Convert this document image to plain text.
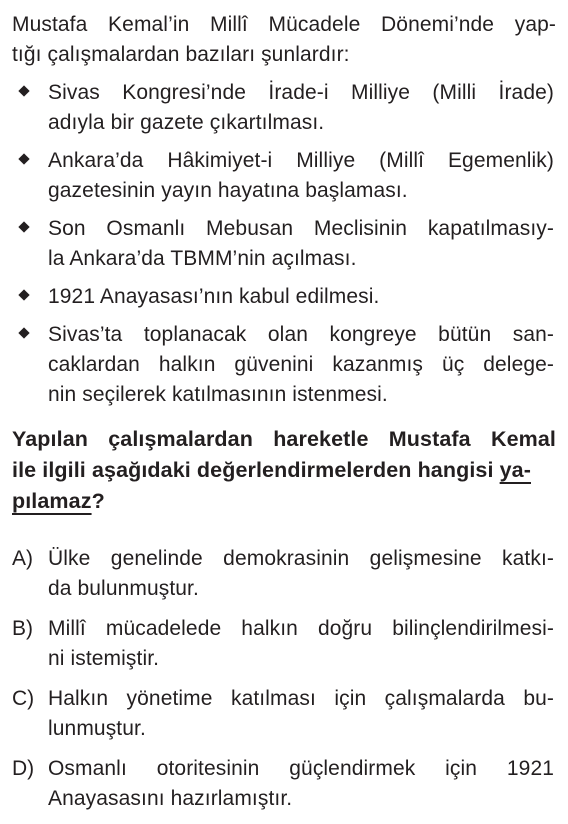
Mustafa Kemal’in Millî Mücadele Dönemi’nde yap-
tığı çalışmalardan bazıları şunlardır:
Sivas Kongresi’nde İrade-i Milliye (Milli İrade)
adıyla bir gazete çıkartılması.
Ankara’da Hâkimiyet-i Milliye (Millî Egemenlik)
gazetesinin yayın hayatına başlaması.
Son Osmanlı Mebusan Meclisinin kapatılmasıy-
la Ankara’da TBMM’nin açılması.
1921 Anayasası’nın kabul edilmesi.
Sivas’ta toplanacak olan kongreye bütün san-
caklardan halkın güvenini kazanmış üç delege-
nin seçilerek katılmasının istenmesi.
Yapılan çalışmalardan hareketle Mustafa Kemal
ile ilgili aşağıdaki değerlendirmelerden hangisi ya-
pılamaz?
A) Ülke genelinde demokrasinin gelişmesine katkı-
da bulunmuştur.
B) Millî mücadelede halkın doğru bilinçlendirilmesi-
ni istemiştir.
C) Halkın yönetime katılması için çalışmalarda bu-
lunmuştur.
D) Osmanlı otoritesinin güçlendirmek için 1921
Anayasasını hazırlamıştır.
